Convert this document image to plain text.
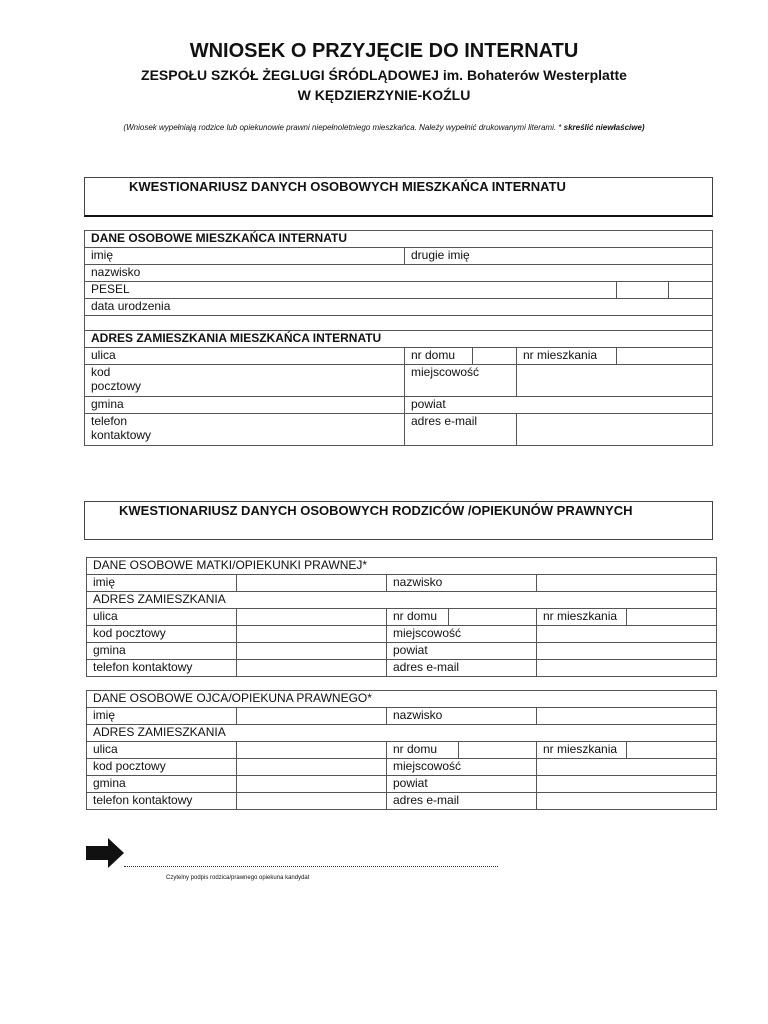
WNIOSEK O PRZYJĘCIE DO INTERNATU
ZESPOŁU SZKÓŁ ŻEGLUGI ŚRÓDLĄDOWEJ im. Bohaterów Westerplatte
W KĘDZIERZYNIE-KOŹLU
(Wniosek wypełniają rodzice lub opiekunowie prawni niepełnoletniego mieszkańca. Należy wypełnić drukowanymi literami. * skreślić niewłaściwe)
KWESTIONARIUSZ DANYCH OSOBOWYCH MIESZKAŃCA INTERNATU
DANE OSOBOWE MIESZKAŃCA INTERNATU					
imię	drugie imię				
nazwisko					
PESEL					
data urodzenia					

ADRES ZAMIESZKANIA MIESZKAŃCA INTERNATU					
ulica	nr domu		nr mieszkania		
kod
pocztowy	miejscowość				
gmina	powiat				
telefon
kontaktowy	adres e-mail				
KWESTIONARIUSZ DANYCH OSOBOWYCH RODZICÓW /OPIEKUNÓW PRAWNYCH
DANE OSOBOWE MATKI/OPIEKUNKI PRAWNEJ*					
imię		nazwisko			
ADRES ZAMIESZKANIA					
ulica		nr domu		nr mieszkania	
kod pocztowy		miejscowość			
gmina		powiat			
telefon kontaktowy		adres e-mail			
DANE OSOBOWE OJCA/OPIEKUNA PRAWNEGO*					
imię		nazwisko			
ADRES ZAMIESZKANIA					
ulica		nr domu		nr mieszkania	
kod pocztowy		miejscowość			
gmina		powiat			
telefon kontaktowy		adres e-mail			
Czytelny podpis rodzica/prawnego opiekuna kandydat
